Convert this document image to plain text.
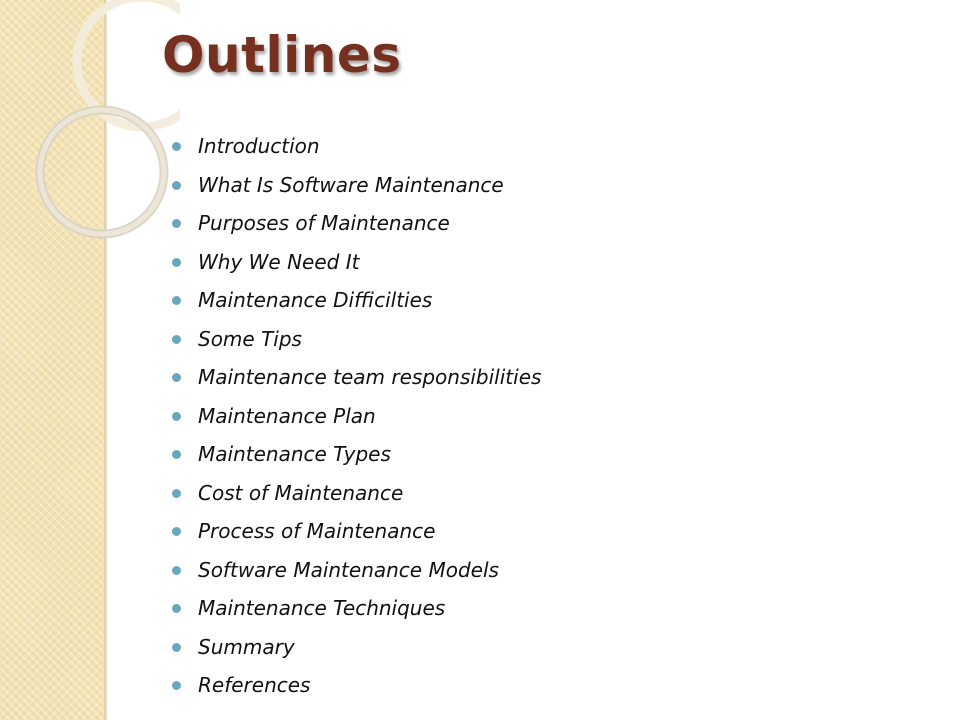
Outlines
Introduction
What Is Software Maintenance
Purposes of Maintenance
Why We Need It
Maintenance Difficilties
Some Tips
Maintenance team responsibilities
Maintenance Plan
Maintenance Types
Cost of Maintenance
Process of Maintenance
Software Maintenance Models
Maintenance Techniques
Summary
References
